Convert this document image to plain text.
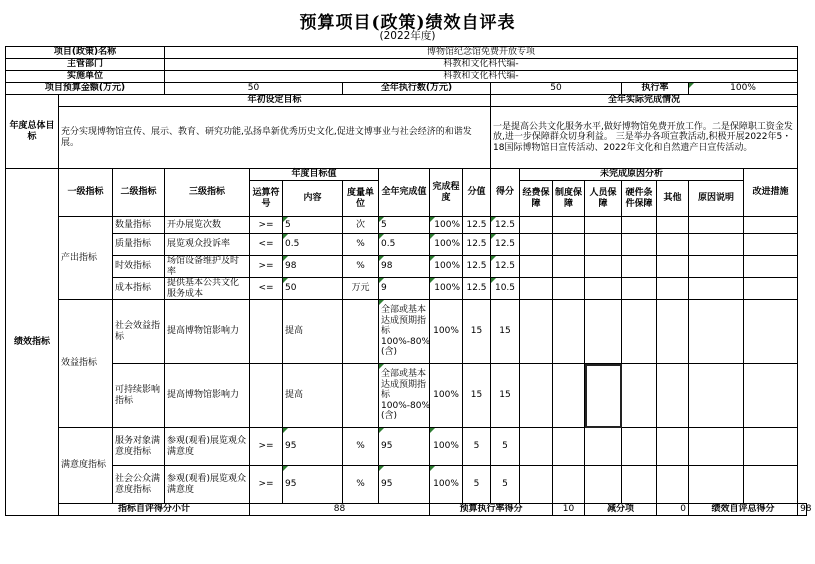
预算项目(政策)绩效自评表
(2022年度)
项目(政策)名称			博物馆纪念馆免费开放专项															
主管部门			科教和文化科代编-															
实施单位			科教和文化科代编-															
项目预算金额(万元)			50			全年执行数(万元)				50				执行率		100%		
年度总体目标	年初设定目标									全年实际完成情况								
	充分实现博物馆宣传、展示、教育、研究功能,弘扬阜新优秀历史文化,促进文博事业与社会经济的和谐发展。									一是提高公共文化服务水平,做好博物馆免费开放工作。二是保障职工资金发放,进一步保障群众切身利益。 三是举办各项宣教活动,积极开展2022年5・18国际博物馆日宣传活动、2022年文化和自然遗产日宣传活动。								
绩效指标	一级指标	二级指标	三级指标	年度目标值			全年完成值	完成程度	分值	得分	未完成原因分析						改进措施	
				运算符号	内容	度量单位					经费保障	制度保障	人员保障	硬件条件保障	其他	原因说明		
	产出指标	数量指标	开办展览次数	>=	5	次	5	100%	12.5	12.5								
		质量指标	展览观众投诉率	<=	0.5	%	0.5	100%	12.5	12.5								
		时效指标	场馆设备维护及时率	>=	98	%	98	100%	12.5	12.5								
		成本指标	提供基本公共文化服务成本	<=	50	万元	9	100%	12.5	10.5								
	效益指标	社会效益指标	提高博物馆影响力		提高		全部或基本达成预期指标100%-80%(含)	100%	15	15								
		可持续影响指标	提高博物馆影响力		提高		全部或基本达成预期指标100%-80%(含)	100%	15	15								
	满意度指标	服务对象满意度指标	参观(观看)展览观众满意度	>=	95	%	95	100%	5	5								
		社会公众满意度指标	参观(观看)展览观众满意度	>=	95	%	95	100%	5	5								
	指标自评得分小计			88				预算执行率得分				10	减分项		0	绩效自评总得分		98
